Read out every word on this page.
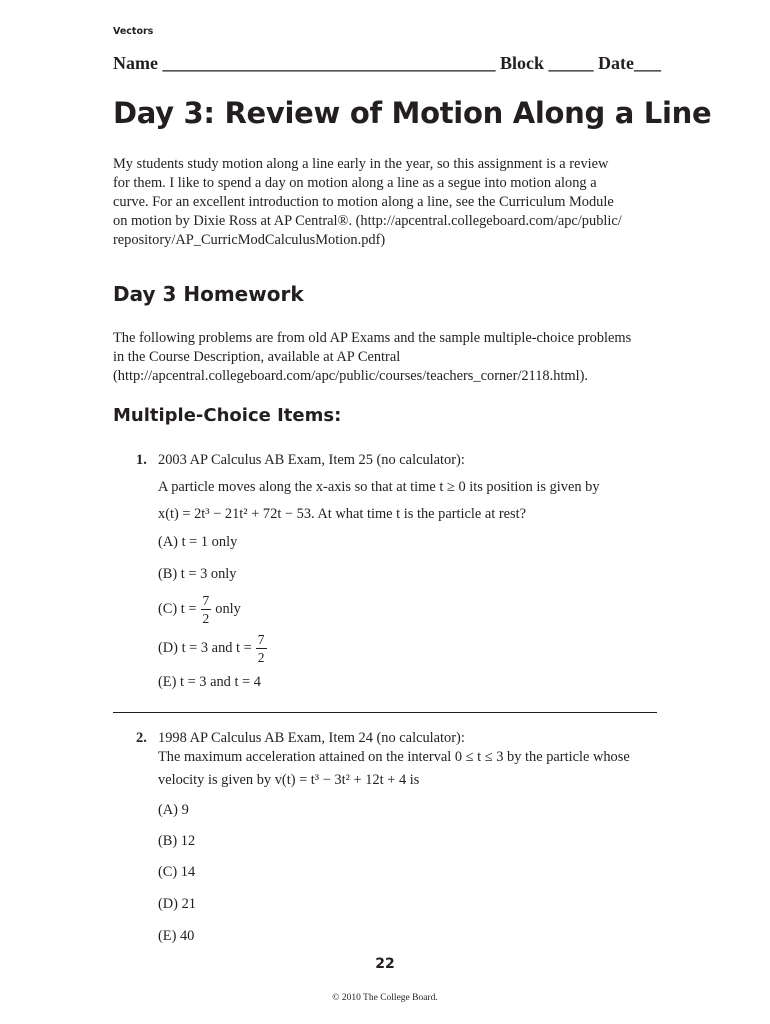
Vectors
Name _____________________________________ Block _____ Date___
Day 3: Review of Motion Along a Line
My students study motion along a line early in the year, so this assignment is a review
for them. I like to spend a day on motion along a line as a segue into motion along a
curve. For an excellent introduction to motion along a line, see the Curriculum Module
on motion by Dixie Ross at AP Central®. (http://apcentral.collegeboard.com/apc/public/
repository/AP_CurricModCalculusMotion.pdf)
Day 3 Homework
The following problems are from old AP Exams and the sample multiple-choice problems
in the Course Description, available at AP Central
(http://apcentral.collegeboard.com/apc/public/courses/teachers_corner/2118.html).
Multiple-Choice Items:
1. 2003 AP Calculus AB Exam, Item 25 (no calculator):
A particle moves along the x-axis so that at time t ≥ 0 its position is given by
x(t) = 2t³ − 21t² + 72t − 53. At what time t is the particle at rest?
(A) t = 1 only
(B) t = 3 only
(C) $t = \frac{7}{2}$ only
(D) t = 3 and $t = \frac{7}{2}$
(E) t = 3 and t = 4
2. 1998 AP Calculus AB Exam, Item 24 (no calculator):
The maximum acceleration attained on the interval 0 ≤ t ≤ 3 by the particle whose
velocity is given by v(t) = t³ − 3t² + 12t + 4 is
(A) 9
(B) 12
(C) 14
(D) 21
(E) 40
22
© 2010 The College Board.
